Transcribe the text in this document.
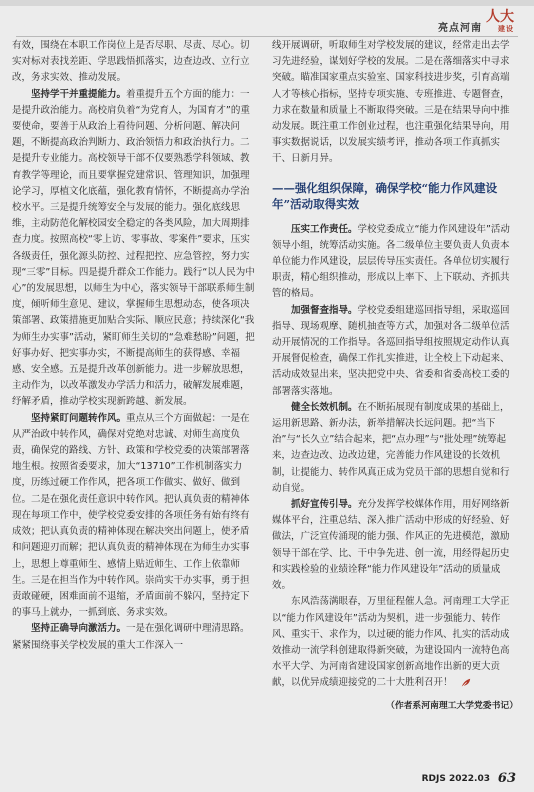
亮点河南
人大
建设

有效，围绕在本职工作岗位上是否尽职、尽责、尽心。切实对标对表找差距、学思践悟抓落实，边查边改、立行立改，务求实效、推动发展。

坚持学干并重提能力。着重提升五个方面的能力：一是提升政治能力。高校肩负着“为党育人，为国育才”的重要使命，要善于从政治上看待问题、分析问题、解决问题，不断提高政治判断力、政治领悟力和政治执行力。二是提升专业能力。高校领导干部不仅要熟悉学科领域、教育教学等理论，而且要掌握党建常识、管理知识，加强理论学习，厚植文化底蕴，强化教育情怀，不断提高办学治校水平。三是提升统筹安全与发展的能力。强化底线思维，主动防范化解校园安全稳定的各类风险，加大周期排查力度。按照高校“零上访、零事故、零案件”要求，压实各级责任，强化源头防控、过程把控、应急管控，努力实现“三零”目标。四是提升群众工作能力。践行“以人民为中心”的发展思想，以师生为中心，落实领导干部联系师生制度，倾听师生意见、建议，掌握师生思想动态，使各项决策部署、政策措施更加贴合实际、顺应民意；持续深化“我为师生办实事”活动，紧盯师生关切的“急难愁盼”问题，把好事办好、把实事办实，不断提高师生的获得感、幸福感、安全感。五是提升改革创新能力。进一步解放思想，主动作为，以改革激发办学活力和活力，破解发展难题，纾解矛盾，推动学校实现新跨越、新发展。

坚持紧盯问题转作风。重点从三个方面做起：一是在从严治政中转作风，确保对党绝对忠诚、对师生高度负责，确保党的路线、方针、政策和学校党委的决策部署落地生根。按照省委要求，加大“13710”工作机制落实力度，历练过硬工作作风，把各项工作做实、做好、做到位。二是在强化责任意识中转作风。把认真负责的精神体现在每项工作中，使学校党委安排的各项任务有始有终有成效；把认真负责的精神体现在解决突出问题上，使矛盾和问题迎刃而解；把认真负责的精神体现在为师生办实事上，思想上尊重师生、感情上贴近师生、工作上依靠师生。三是在担当作为中转作风。崇尚实干办实事，勇于担责敢碰硬，困难面前不退缩，矛盾面前不躲闪，坚持定下的事马上就办，一抓到底、务求实效。

坚持正确导向激活力。一是在强化调研中理清思路。紧紧围绕事关学校发展的重大工作深入一

线开展调研，听取师生对学校发展的建议，经常走出去学习先进经验，谋划好学校的发展。二是在落细落实中寻求突破。瞄准国家重点实验室、国家科技进步奖，引育高端人才等核心指标，坚持专项实施、专班推进、专题督查，力求在数量和质量上不断取得突破。三是在结果导向中推动发展。既注重工作创业过程，也注重强化结果导向，用事实数据说话，以发展实绩考评，推动各项工作真抓实干、日新月异。

——强化组织保障，确保学校“能力作风建设年”活动取得实效

压实工作责任。学校党委成立“能力作风建设年”活动领导小组，统筹活动实施。各二级单位主要负责人负责本单位能力作风建设，层层传导压实责任。各单位切实履行职责，精心组织推动，形成以上率下、上下联动、齐抓共管的格局。

加强督查指导。学校党委组建巡回指导组，采取巡回指导、现场观摩、随机抽查等方式，加强对各二级单位活动开展情况的工作指导。各巡回指导组按照规定动作认真开展督促检查，确保工作扎实推进，让全校上下动起来、活动成效显出来，坚决把党中央、省委和省委高校工委的部署落实落地。

健全长效机制。在不断拓展现有制度成果的基础上，运用新思路、新办法，新举措解决长远问题。把“当下治”与“长久立”结合起来，把“点办理”与“批处理”统筹起来，边查边改、边改边建，完善能力作风建设的长效机制，让提能力、转作风真正成为党员干部的思想自觉和行动自觉。

抓好宣传引导。充分发挥学校媒体作用，用好网络新媒体平台，注重总结、深入推广活动中形成的好经验、好做法，广泛宣传涌现的能力强、作风正的先进模范，激励领导干部在学、比、干中争先进、创一流，用经得起历史和实践检验的业绩诠释“能力作风建设年”活动的质量成效。

东风浩荡满眼春，万里征程催人急。河南理工大学正以“能力作风建设年”活动为契机，进一步强能力、转作风、重实干、求作为，以过硬的能力作风、扎实的活动成效推动一流学科创建取得新突破，为建设国内一流特色高水平大学、为河南省建设国家创新高地作出新的更大贡献，以优异成绩迎接党的二十大胜利召开！

（作者系河南理工大学党委书记）
RDJS 2022.03 63
